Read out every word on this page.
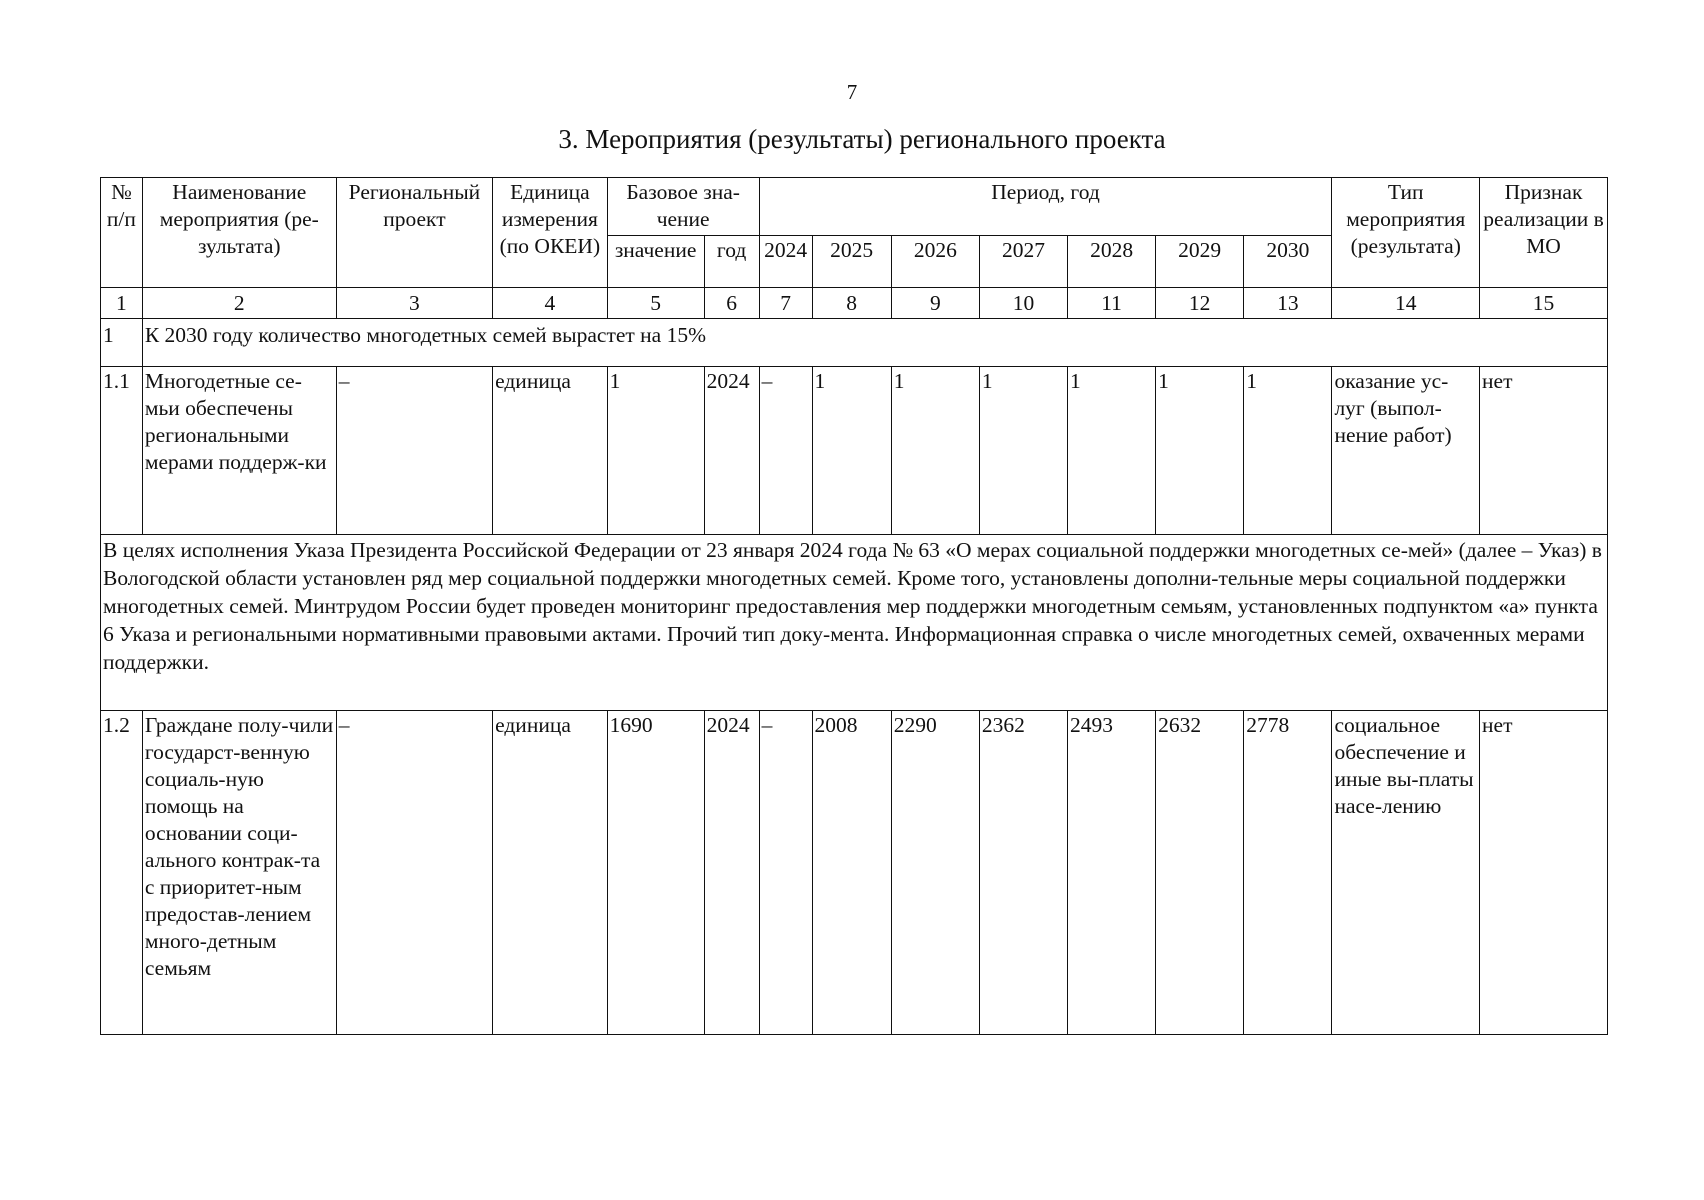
7
3. Мероприятия (результаты) регионального проекта
№ п/п	Наименование мероприятия (ре-зультата)	Региональный проект	Единица измерения (по ОКЕИ)	Базовое зна-чение		Период, год							Тип мероприятия (результата)	Признак реализации в МО
				значение	год	2024	2025	2026	2027	2028	2029	2030		
1	2	3	4	5	6	7	8	9	10	11	12	13	14	15
1	К 2030 году количество многодетных семей вырастет на 15%													
1.1	Многодетные се-мьи обеспечены региональными мерами поддерж-ки	–	единица	1	2024	–	1	1	1	1	1	1	оказание ус-луг (выпол-нение работ)	нет
В целях исполнения Указа Президента Российской Федерации от 23 января 2024 года № 63 «О мерах социальной поддержки многодетных се-мей» (далее – Указ) в Вологодской области установлен ряд мер социальной поддержки многодетных семей. Кроме того, установлены дополни-тельные меры социальной поддержки многодетных семей. Минтрудом России будет проведен мониторинг предоставления мер поддержки многодетным семьям, установленных подпунктом «а» пункта 6 Указа и региональными нормативными правовыми актами. Прочий тип доку-мента. Информационная справка о числе многодетных семей, охваченных мерами поддержки.														
1.2	Граждане полу-чили государст-венную социаль-ную помощь на основании соци-ального контрак-та с приоритет-ным предостав-лением много-детным семьям	–	единица	1690	2024	–	2008	2290	2362	2493	2632	2778	социальное обеспечение и иные вы-платы насе-лению	нет
